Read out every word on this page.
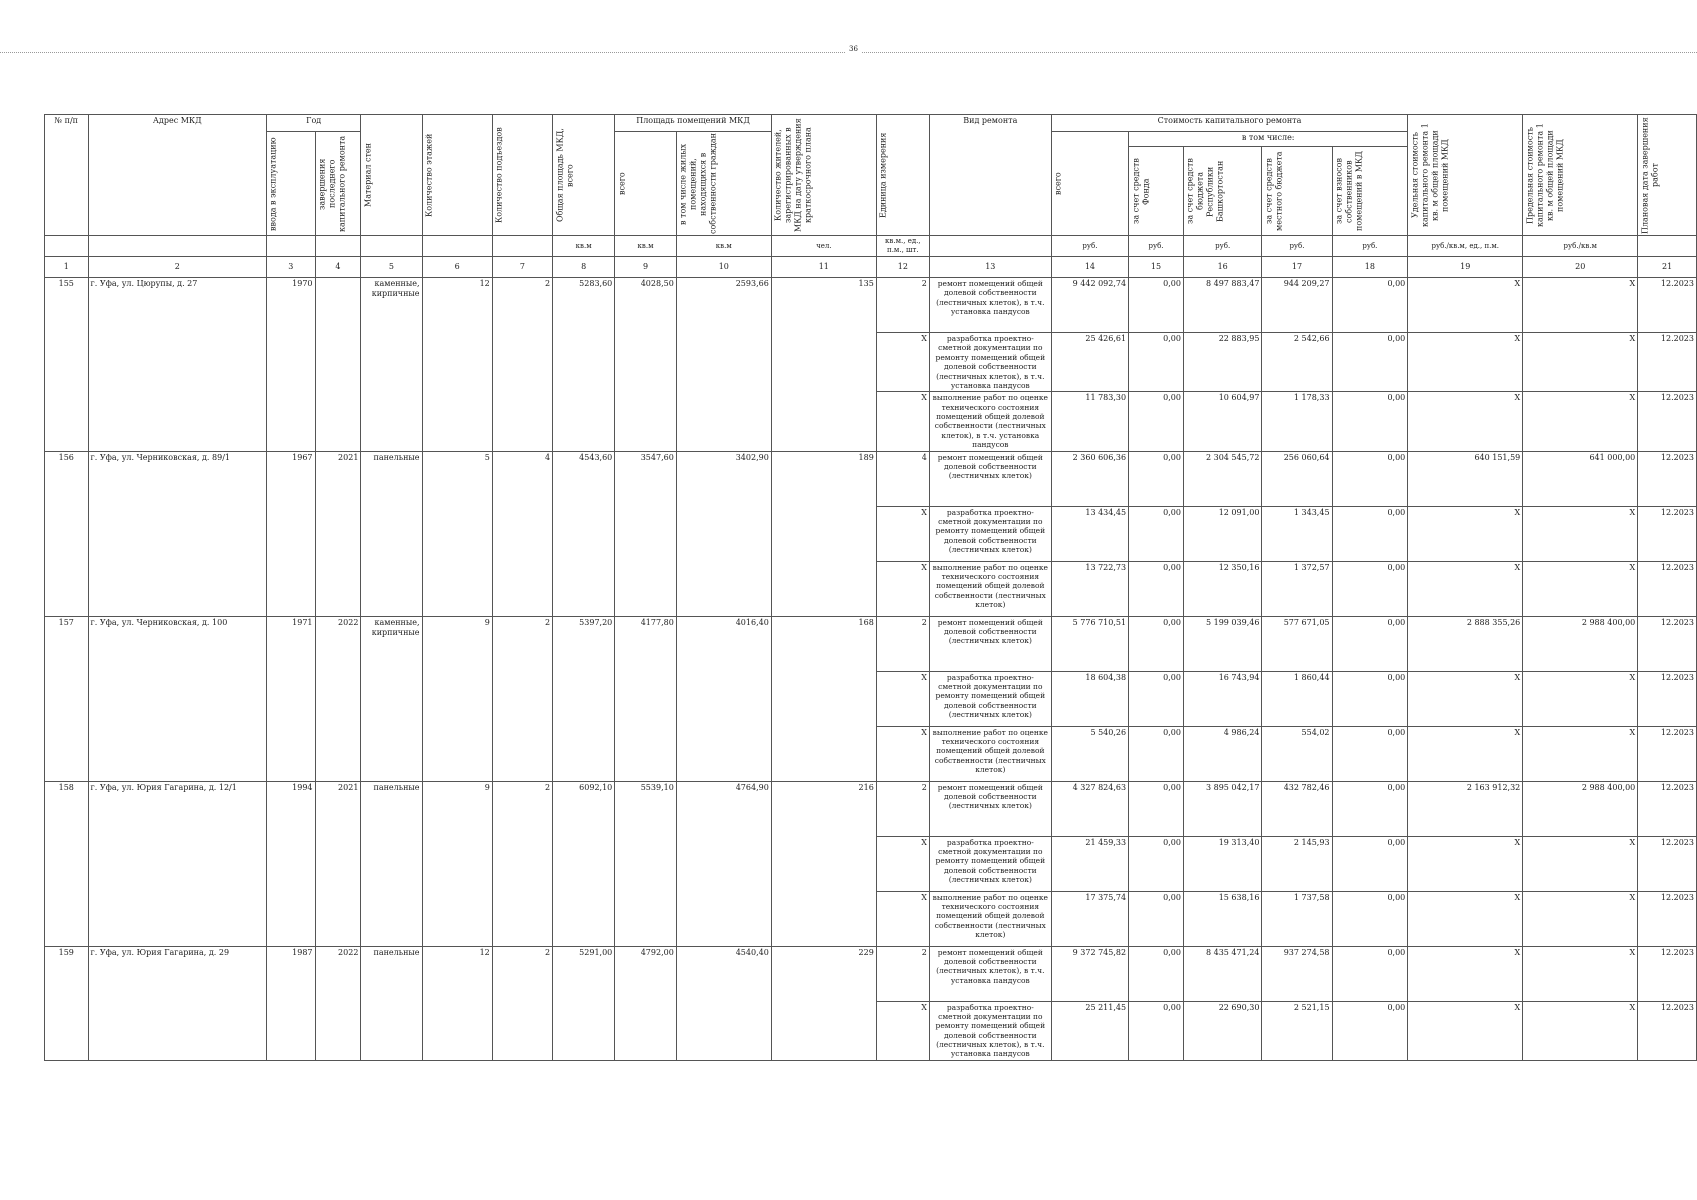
36
№ п/п	Адрес МКД	Год		Материал стен	Количество этажей	Количество подъездов	Общая площадь МКД, всего	Площадь помещений МКД		Количество жителей, зарегистрированных в МКД на дату утверждения краткосрочного плана	Единица измерения	Вид ремонта	Стоимость капитального ремонта					Удельная стоимость капитального ремонта 1 кв. м общей площади помещений МКД	Предельная стоимость капитального ремонта 1 кв. м общей площади помещений МКД	Плановая дата завершения работ
		ввода в эксплуатацию	завершения последнего капитального ремонта					всего	в том числе жилых помещений, находящихся в собственности граждан				всего	в том числе:						
														за счет средств Фонда	за счет средств бюджета Республики Башкортостан	за счет средств местного бюджета	за счет взносов собственников помещений в МКД			
							кв.м	кв.м	кв.м	чел.	кв.м., ед., п.м., шт.		руб.	руб.	руб.	руб.	руб.	руб./кв.м, ед., п.м.	руб./кв.м	
1	2	3	4	5	6	7	8	9	10	11	12	13	14	15	16	17	18	19	20	21
155	г. Уфа, ул. Цюрупы, д. 27	1970		каменные, кирпичные	12	2	5283,60	4028,50	2593,66	135	2	ремонт помещений общей долевой собственности (лестничных клеток), в т.ч. установка пандусов	9 442 092,74	0,00	8 497 883,47	944 209,27	0,00	X	X	12.2023
											X	разработка проектно-сметной документации по ремонту помещений общей долевой собственности (лестничных клеток), в т.ч. установка пандусов	25 426,61	0,00	22 883,95	2 542,66	0,00	X	X	12.2023
											X	выполнение работ по оценке технического состояния помещений общей долевой собственности (лестничных клеток), в т.ч. установка пандусов	11 783,30	0,00	10 604,97	1 178,33	0,00	X	X	12.2023
156	г. Уфа, ул. Черниковская, д. 89/1	1967	2021	панельные	5	4	4543,60	3547,60	3402,90	189	4	ремонт помещений общей долевой собственности (лестничных клеток)	2 360 606,36	0,00	2 304 545,72	256 060,64	0,00	640 151,59	641 000,00	12.2023
											X	разработка проектно-сметной документации по ремонту помещений общей долевой собственности (лестничных клеток)	13 434,45	0,00	12 091,00	1 343,45	0,00	X	X	12.2023
											X	выполнение работ по оценке технического состояния помещений общей долевой собственности (лестничных клеток)	13 722,73	0,00	12 350,16	1 372,57	0,00	X	X	12.2023
157	г. Уфа, ул. Черниковская, д. 100	1971	2022	каменные, кирпичные	9	2	5397,20	4177,80	4016,40	168	2	ремонт помещений общей долевой собственности (лестничных клеток)	5 776 710,51	0,00	5 199 039,46	577 671,05	0,00	2 888 355,26	2 988 400,00	12.2023
											X	разработка проектно-сметной документации по ремонту помещений общей долевой собственности (лестничных клеток)	18 604,38	0,00	16 743,94	1 860,44	0,00	X	X	12.2023
											X	выполнение работ по оценке технического состояния помещений общей долевой собственности (лестничных клеток)	5 540,26	0,00	4 986,24	554,02	0,00	X	X	12.2023
158	г. Уфа, ул. Юрия Гагарина, д. 12/1	1994	2021	панельные	9	2	6092,10	5539,10	4764,90	216	2	ремонт помещений общей долевой собственности (лестничных клеток)	4 327 824,63	0,00	3 895 042,17	432 782,46	0,00	2 163 912,32	2 988 400,00	12.2023
											X	разработка проектно-сметной документации по ремонту помещений общей долевой собственности (лестничных клеток)	21 459,33	0,00	19 313,40	2 145,93	0,00	X	X	12.2023
											X	выполнение работ по оценке технического состояния помещений общей долевой собственности (лестничных клеток)	17 375,74	0,00	15 638,16	1 737,58	0,00	X	X	12.2023
159	г. Уфа, ул. Юрия Гагарина, д. 29	1987	2022	панельные	12	2	5291,00	4792,00	4540,40	229	2	ремонт помещений общей долевой собственности (лестничных клеток), в т.ч. установка пандусов	9 372 745,82	0,00	8 435 471,24	937 274,58	0,00	X	X	12.2023
											X	разработка проектно-сметной документации по ремонту помещений общей долевой собственности (лестничных клеток), в т.ч. установка пандусов	25 211,45	0,00	22 690,30	2 521,15	0,00	X	X	12.2023
